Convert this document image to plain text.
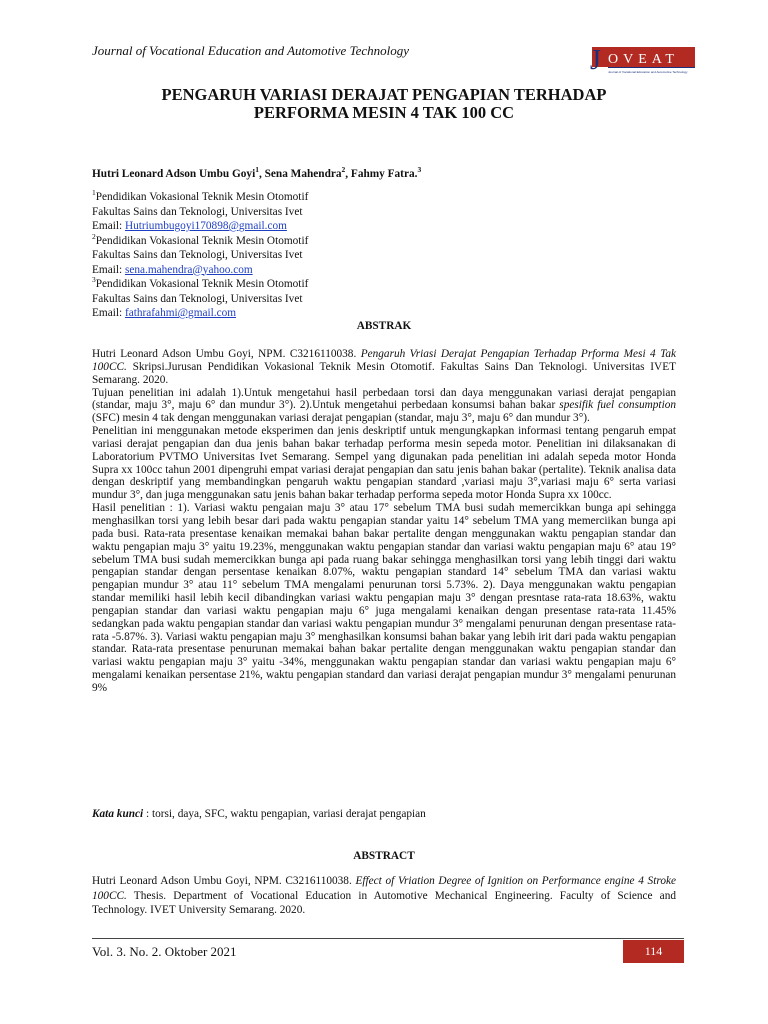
Journal of Vocational Education and Automotive Technology	J OVEAT
Journal of Vocational Education and Automotive Technology
PENGARUH VARIASI DERAJAT PENGAPIAN TERHADAP
PERFORMA MESIN 4 TAK 100 CC
Hutri Leonard Adson Umbu Goyi$^1$, Sena Mahendra$^2$, Fahmy Fatra.$^3$
$^1$Pendidikan Vokasional Teknik Mesin Otomotif
Fakultas Sains dan Teknologi, Universitas Ivet
Email: Hutriumbugoyi170898@gmail.com
$^2$Pendidikan Vokasional Teknik Mesin Otomotif
Fakultas Sains dan Teknologi, Universitas Ivet
Email: sena.mahendra@yahoo.com
$^3$Pendidikan Vokasional Teknik Mesin Otomotif
Fakultas Sains dan Teknologi, Universitas Ivet
Email: fathrafahmi@gmail.com
ABSTRAK

Hutri Leonard Adson Umbu Goyi, NPM. C3216110038. Pengaruh Vriasi Derajat Pengapian Terhadap Prforma Mesi 4 Tak 100CC. Skripsi.Jurusan Pendidikan Vokasional Teknik Mesin Otomotif. Fakultas Sains Dan Teknologi. Universitas IVET Semarang. 2020.

Tujuan penelitian ini adalah 1).Untuk mengetahui hasil perbedaan torsi dan daya menggunakan variasi derajat pengapian (standar, maju 3°, maju 6° dan mundur 3°). 2).Untuk mengetahui perbedaan konsumsi bahan bakar spesifik fuel consumption (SFC) mesin 4 tak dengan menggunakan variasi derajat pengapian (standar, maju 3°, maju 6° dan mundur 3°).

Penelitian ini menggunakan metode eksperimen dan jenis deskriptif untuk mengungkapkan informasi tentang pengaruh empat variasi derajat pengapian dan dua jenis bahan bakar terhadap performa mesin sepeda motor. Penelitian ini dilaksanakan di Laboratorium PVTMO Universitas Ivet Semarang. Sempel yang digunakan pada penelitian ini adalah sepeda motor Honda Supra xx 100cc tahun 2001 dipengruhi empat variasi derajat pengapian dan satu jenis bahan bakar (pertalite). Teknik analisa data dengan deskriptif yang membandingkan pengaruh waktu pengapian standard ,variasi maju 3°,variasi maju 6° serta variasi mundur 3°, dan juga menggunakan satu jenis bahan bakar terhadap performa sepeda motor Honda Supra xx 100cc.

Hasil penelitian : 1). Variasi waktu pengaian maju 3° atau 17° sebelum TMA busi sudah memercikkan bunga api sehingga menghasilkan torsi yang lebih besar dari pada waktu pengapian standar yaitu 14° sebelum TMA yang memerciikan bunga api pada busi. Rata-rata presentase kenaikan memakai bahan bakar pertalite dengan menggunakan waktu pengapian standar dan waktu pengapian maju 3° yaitu 19.23%, menggunakan waktu pengapian standar dan variasi waktu pengapian maju 6° atau 19° sebelum TMA busi sudah memercikkan bunga api pada ruang bakar sehingga menghasilkan torsi yang lebih tinggi dari waktu pengapian standar dengan persentase kenaikan 8.07%, waktu pengapian standard 14° sebelum TMA dan variasi waktu pengapian mundur 3° atau 11° sebelum TMA mengalami penurunan torsi 5.73%. 2). Daya menggunakan waktu pengapian standar memiliki hasil lebih kecil dibandingkan variasi waktu pengapian maju 3° dengan presntase rata-rata 18.63%, waktu pengapian standar dan variasi waktu pengapian maju 6° juga mengalami kenaikan dengan presentase rata-rata 11.45% sedangkan pada waktu pengapian standar dan variasi waktu pengapian mundur 3° mengalami penurunan dengan presentase rata-rata -5.87%. 3). Variasi waktu pengapian maju 3° menghasilkan konsumsi bahan bakar yang lebih irit dari pada waktu pengapian standar. Rata-rata presentase penurunan memakai bahan bakar pertalite dengan menggunakan waktu pengapian standar dan variasi waktu pengapian maju 3° yaitu -34%, menggunakan waktu pengapian standar dan variasi waktu pengapian maju 6° mengalami kenaikan persentase 21%, waktu pengapian standard dan variasi derajat pengapian mundur 3° mengalami penurunan 9%

Kata kunci : torsi, daya, SFC, waktu pengapian, variasi derajat pengapian
ABSTRACT

Hutri Leonard Adson Umbu Goyi, NPM. C3216110038. Effect of Vriation Degree of Ignition on Performance engine 4 Stroke 100CC. Thesis. Department of Vocational Education in Automotive Mechanical Engineering. Faculty of Science and Technology. IVET University Semarang. 2020.

Vol. 3. No. 2. Oktober 2021	114
